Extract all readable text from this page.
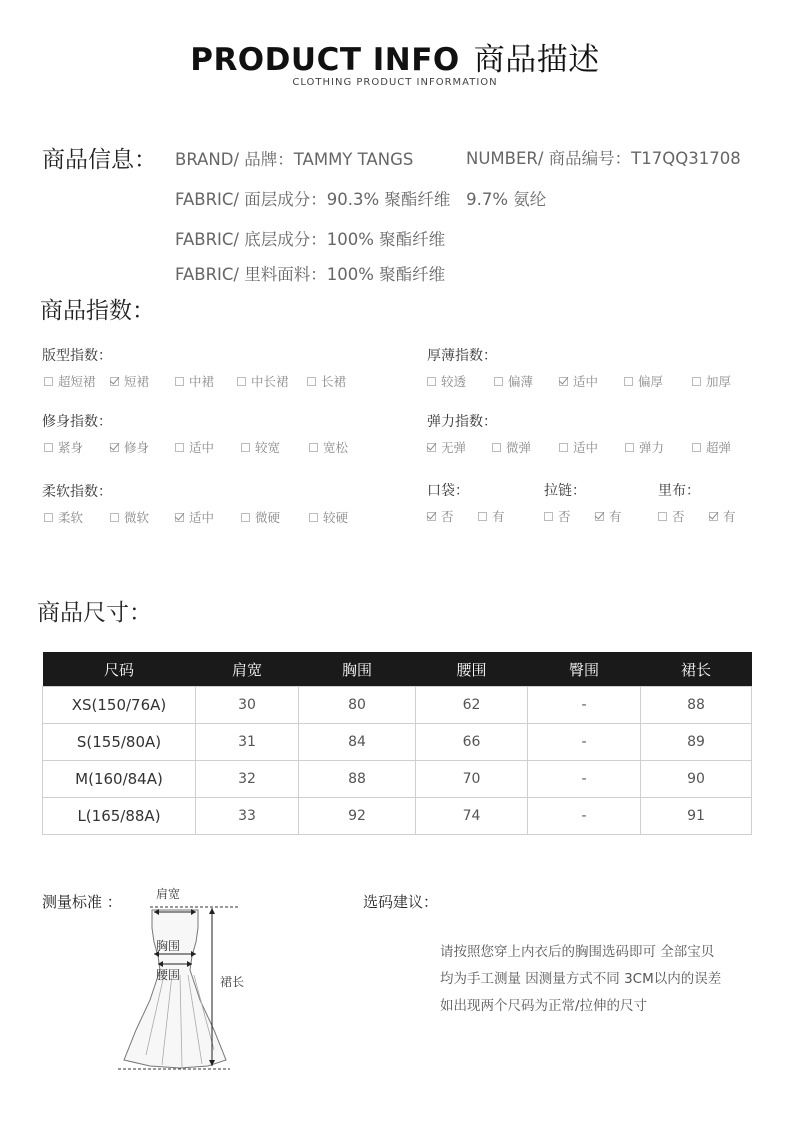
PRODUCT INFO 商品描述
CLOTHING PRODUCT INFORMATION
商品信息： BRAND/ 品牌：TAMMY TANGS	NUMBER/ 商品编号：T17QQ31708
FABRIC/ 面层成分：90.3% 聚酯纤维   9.7% 氨纶
FABRIC/ 底层成分：100% 聚酯纤维
FABRIC/ 里料面料：100% 聚酯纤维
商品指数：
版型指数：
超短裙 短裙	中裙	中长裙	长裙
厚薄指数：
较透	偏薄	适中	偏厚	加厚
修身指数：
紧身	修身	适中	较宽	宽松
弹力指数：
无弹	微弹	适中	弹力	超弹
柔软指数：
柔软	微软	适中	微硬	较硬
口袋：
否	有
拉链：
否	有
里布：
否	有
商品尺寸：
尺码	肩宽	胸围	腰围	臀围	裙长
XS(150/76A)	30	80	62	-	88
S(155/80A)	31	84	66	-	89
M(160/84A)	32	88	70	-	90
L(165/88A)	33	92	74	-	91
测量标准 ：	肩宽
胸围
腰围	裙长
选码建议：
请按照您穿上内衣后的胸围选码即可 全部宝贝
均为手工测量 因测量方式不同 3CM以内的误差
如出现两个尺码为正常/拉伸的尺寸
